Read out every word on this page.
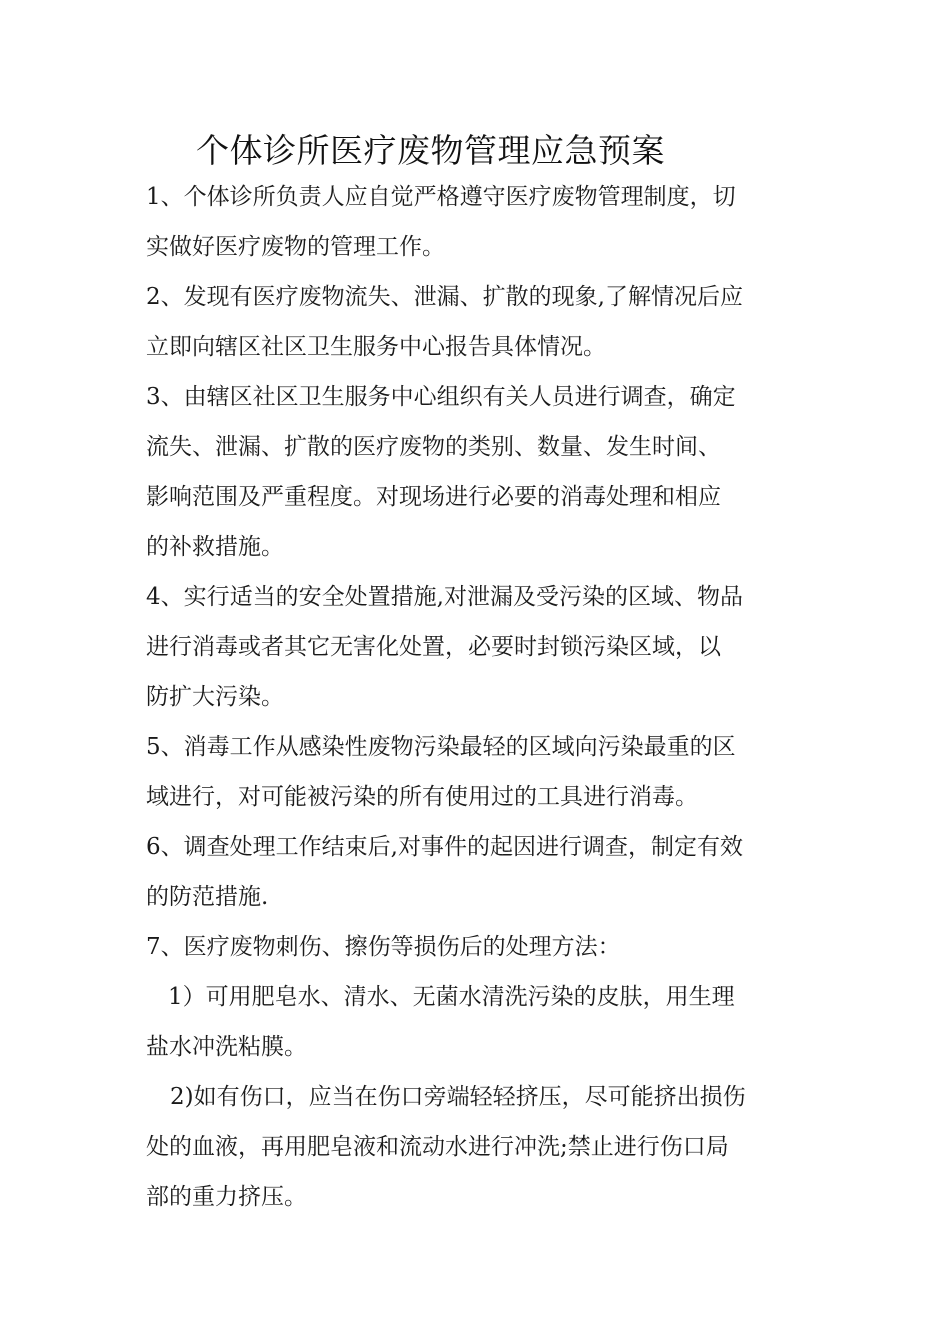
个体诊所医疗废物管理应急预案

1、个体诊所负责人应自觉严格遵守医疗废物管理制度，切

实做好医疗废物的管理工作。

2、发现有医疗废物流失、泄漏、扩散的现象,了解情况后应

立即向辖区社区卫生服务中心报告具体情况。

3、由辖区社区卫生服务中心组织有关人员进行调查，确定

流失、泄漏、扩散的医疗废物的类别、数量、发生时间、

影响范围及严重程度。对现场进行必要的消毒处理和相应

的补救措施。

4、实行适当的安全处置措施,对泄漏及受污染的区域、物品

进行消毒或者其它无害化处置，必要时封锁污染区域，以

防扩大污染。

5、消毒工作从感染性废物污染最轻的区域向污染最重的区

域进行，对可能被污染的所有使用过的工具进行消毒。

6、调查处理工作结束后,对事件的起因进行调查，制定有效

的防范措施.

7、医疗废物刺伤、擦伤等损伤后的处理方法：

1）可用肥皂水、清水、无菌水清洗污染的皮肤，用生理

盐水冲洗粘膜。

2)如有伤口，应当在伤口旁端轻轻挤压，尽可能挤出损伤

处的血液，再用肥皂液和流动水进行冲洗;禁止进行伤口局

部的重力挤压。
